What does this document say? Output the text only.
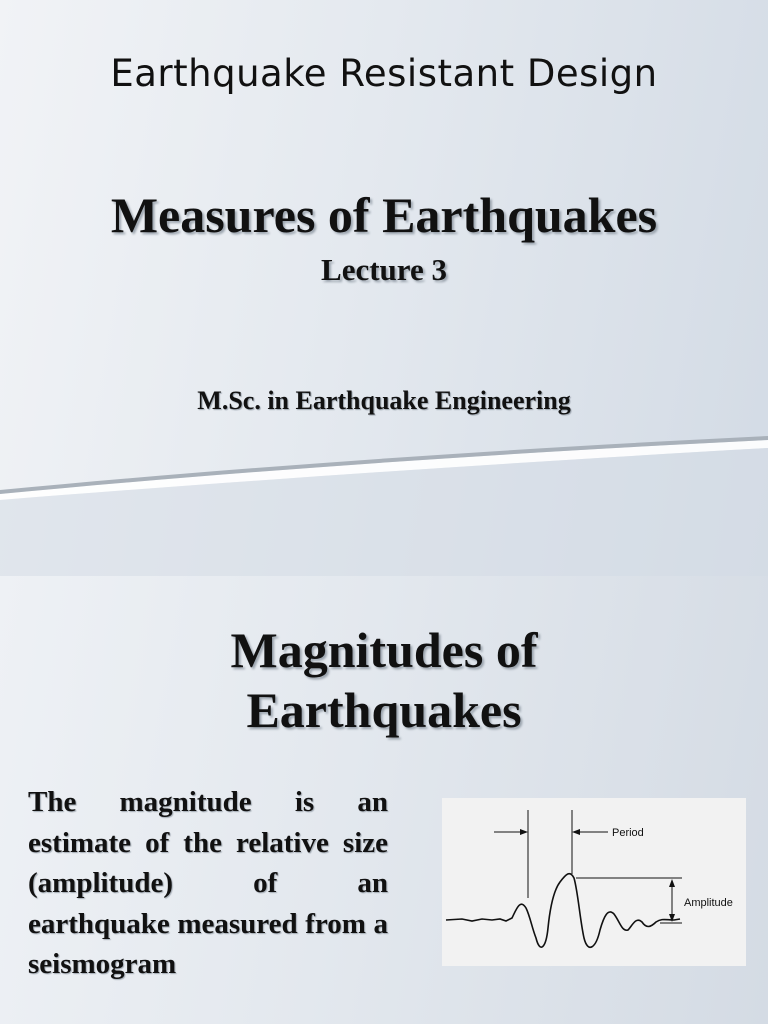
Earthquake Resistant Design
Measures of Earthquakes
Lecture 3
M.Sc. in Earthquake Engineering
Magnitudes of
Earthquakes
The magnitude is an estimate of the relative size (amplitude) of an earthquake measured from a seismogram
Period
Amplitude
